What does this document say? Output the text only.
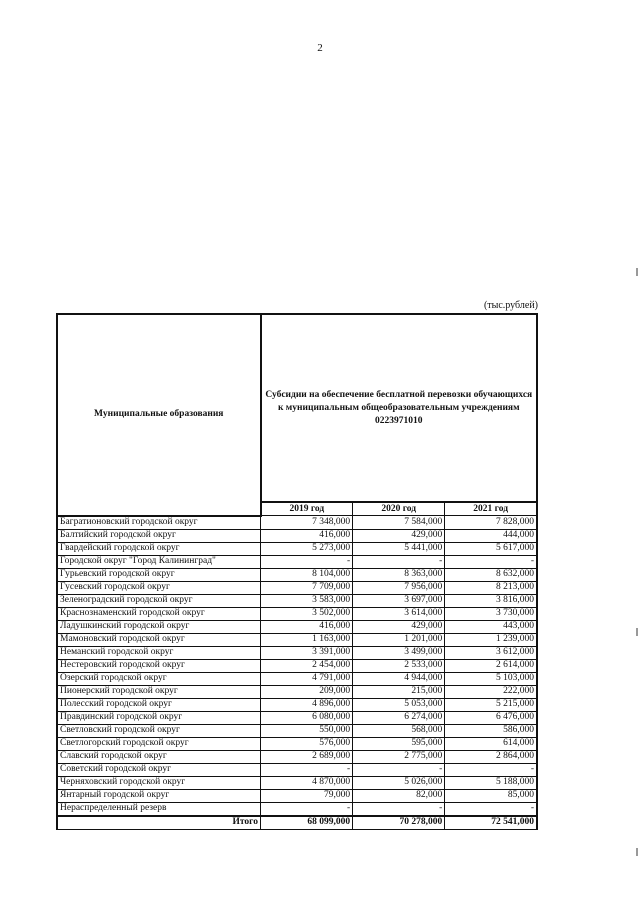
2
(тыс.рублей)
Муниципальные образования	Субсидии на обеспечение бесплатной перевозки обучающихся к муниципальным общеобразовательным учреждениям 0223971010		
	2019 год	2020 год	2021 год
Багратионовский городской округ	7 348,000	7 584,000	7 828,000
Балтийский городской округ	416,000	429,000	444,000
Гвардейский городской округ	5 273,000	5 441,000	5 617,000
Городской округ "Город Калининград"	-	-	-
Гурьевский городской округ	8 104,000	8 363,000	8 632,000
Гусевский городской округ	7 709,000	7 956,000	8 213,000
Зеленоградский городской округ	3 583,000	3 697,000	3 816,000
Краснознаменский городской округ	3 502,000	3 614,000	3 730,000
Ладушкинский городской округ	416,000	429,000	443,000
Мамоновский городской округ	1 163,000	1 201,000	1 239,000
Неманский городской округ	3 391,000	3 499,000	3 612,000
Нестеровский городской округ	2 454,000	2 533,000	2 614,000
Озерский городской округ	4 791,000	4 944,000	5 103,000
Пионерский городской округ	209,000	215,000	222,000
Полесский городской округ	4 896,000	5 053,000	5 215,000
Правдинский городской округ	6 080,000	6 274,000	6 476,000
Светловский городской округ	550,000	568,000	586,000
Светлогорский городской округ	576,000	595,000	614,000
Славский городской округ	2 689,000	2 775,000	2 864,000
Советский городской округ	-	-	-
Черняховский городской округ	4 870,000	5 026,000	5 188,000
Янтарный городской округ	79,000	82,000	85,000
Нераспределенный резерв	-	-	-
Итого	68 099,000	70 278,000	72 541,000
